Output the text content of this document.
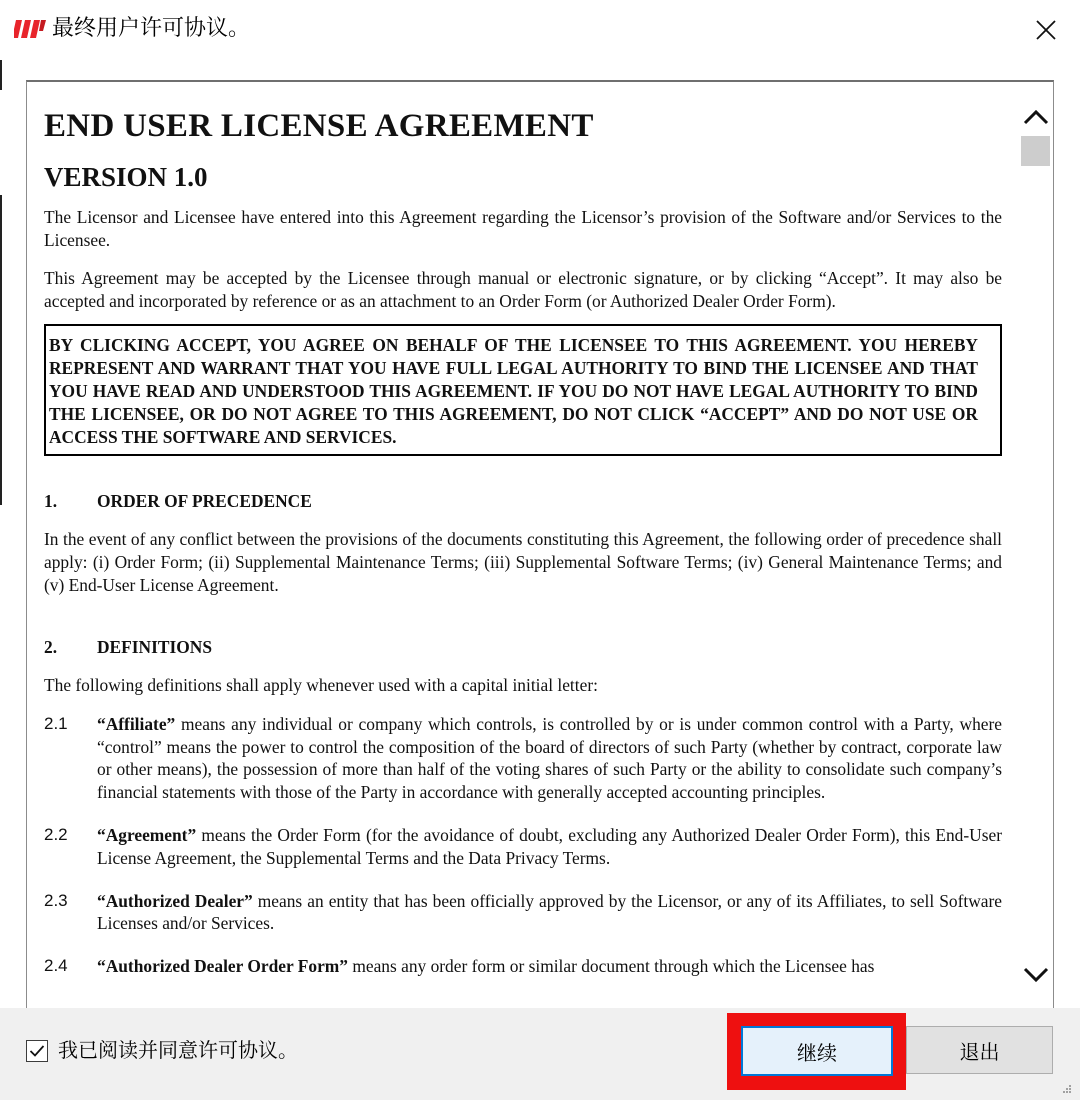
最终用户许可协议。
END USER LICENSE AGREEMENT
VERSION 1.0
The Licensor and Licensee have entered into this Agreement regarding the Licensor’s provision of the Software and/or Services to the Licensee.
This Agreement may be accepted by the Licensee through manual or electronic signature, or by clicking “Accept”. It may also be accepted and incorporated by reference or as an attachment to an Order Form (or Authorized Dealer Order Form).
BY CLICKING ACCEPT, YOU AGREE ON BEHALF OF THE LICENSEE TO THIS AGREEMENT. YOU HEREBY REPRESENT AND WARRANT THAT YOU HAVE FULL LEGAL AUTHORITY TO BIND THE LICENSEE AND THAT YOU HAVE READ AND UNDERSTOOD THIS AGREEMENT. IF YOU DO NOT HAVE LEGAL AUTHORITY TO BIND THE LICENSEE, OR DO NOT AGREE TO THIS AGREEMENT, DO NOT CLICK “ACCEPT” AND DO NOT USE OR ACCESS THE SOFTWARE AND SERVICES.
1.	ORDER OF PRECEDENCE
In the event of any conflict between the provisions of the documents constituting this Agreement, the following order of precedence shall apply: (i) Order Form; (ii) Supplemental Maintenance Terms; (iii) Supplemental Software Terms; (iv) General Maintenance Terms; and (v) End-User License Agreement.
2.	DEFINITIONS
The following definitions shall apply whenever used with a capital initial letter:
2.1	“Affiliate” means any individual or company which controls, is controlled by or is under common control with a Party, where “control” means the power to control the composition of the board of directors of such Party (whether by contract, corporate law or other means), the possession of more than half of the voting shares of such Party or the ability to consolidate such company’s financial statements with those of the Party in accordance with generally accepted accounting principles.
2.2	“Agreement” means the Order Form (for the avoidance of doubt, excluding any Authorized Dealer Order Form), this End-User License Agreement, the Supplemental Terms and the Data Privacy Terms.
2.3	“Authorized Dealer” means an entity that has been officially approved by the Licensor, or any of its Affiliates, to sell Software Licenses and/or Services.
2.4	“Authorized Dealer Order Form” means any order form or similar document through which the Licensee has
我已阅读并同意许可协议。	继续	退出
